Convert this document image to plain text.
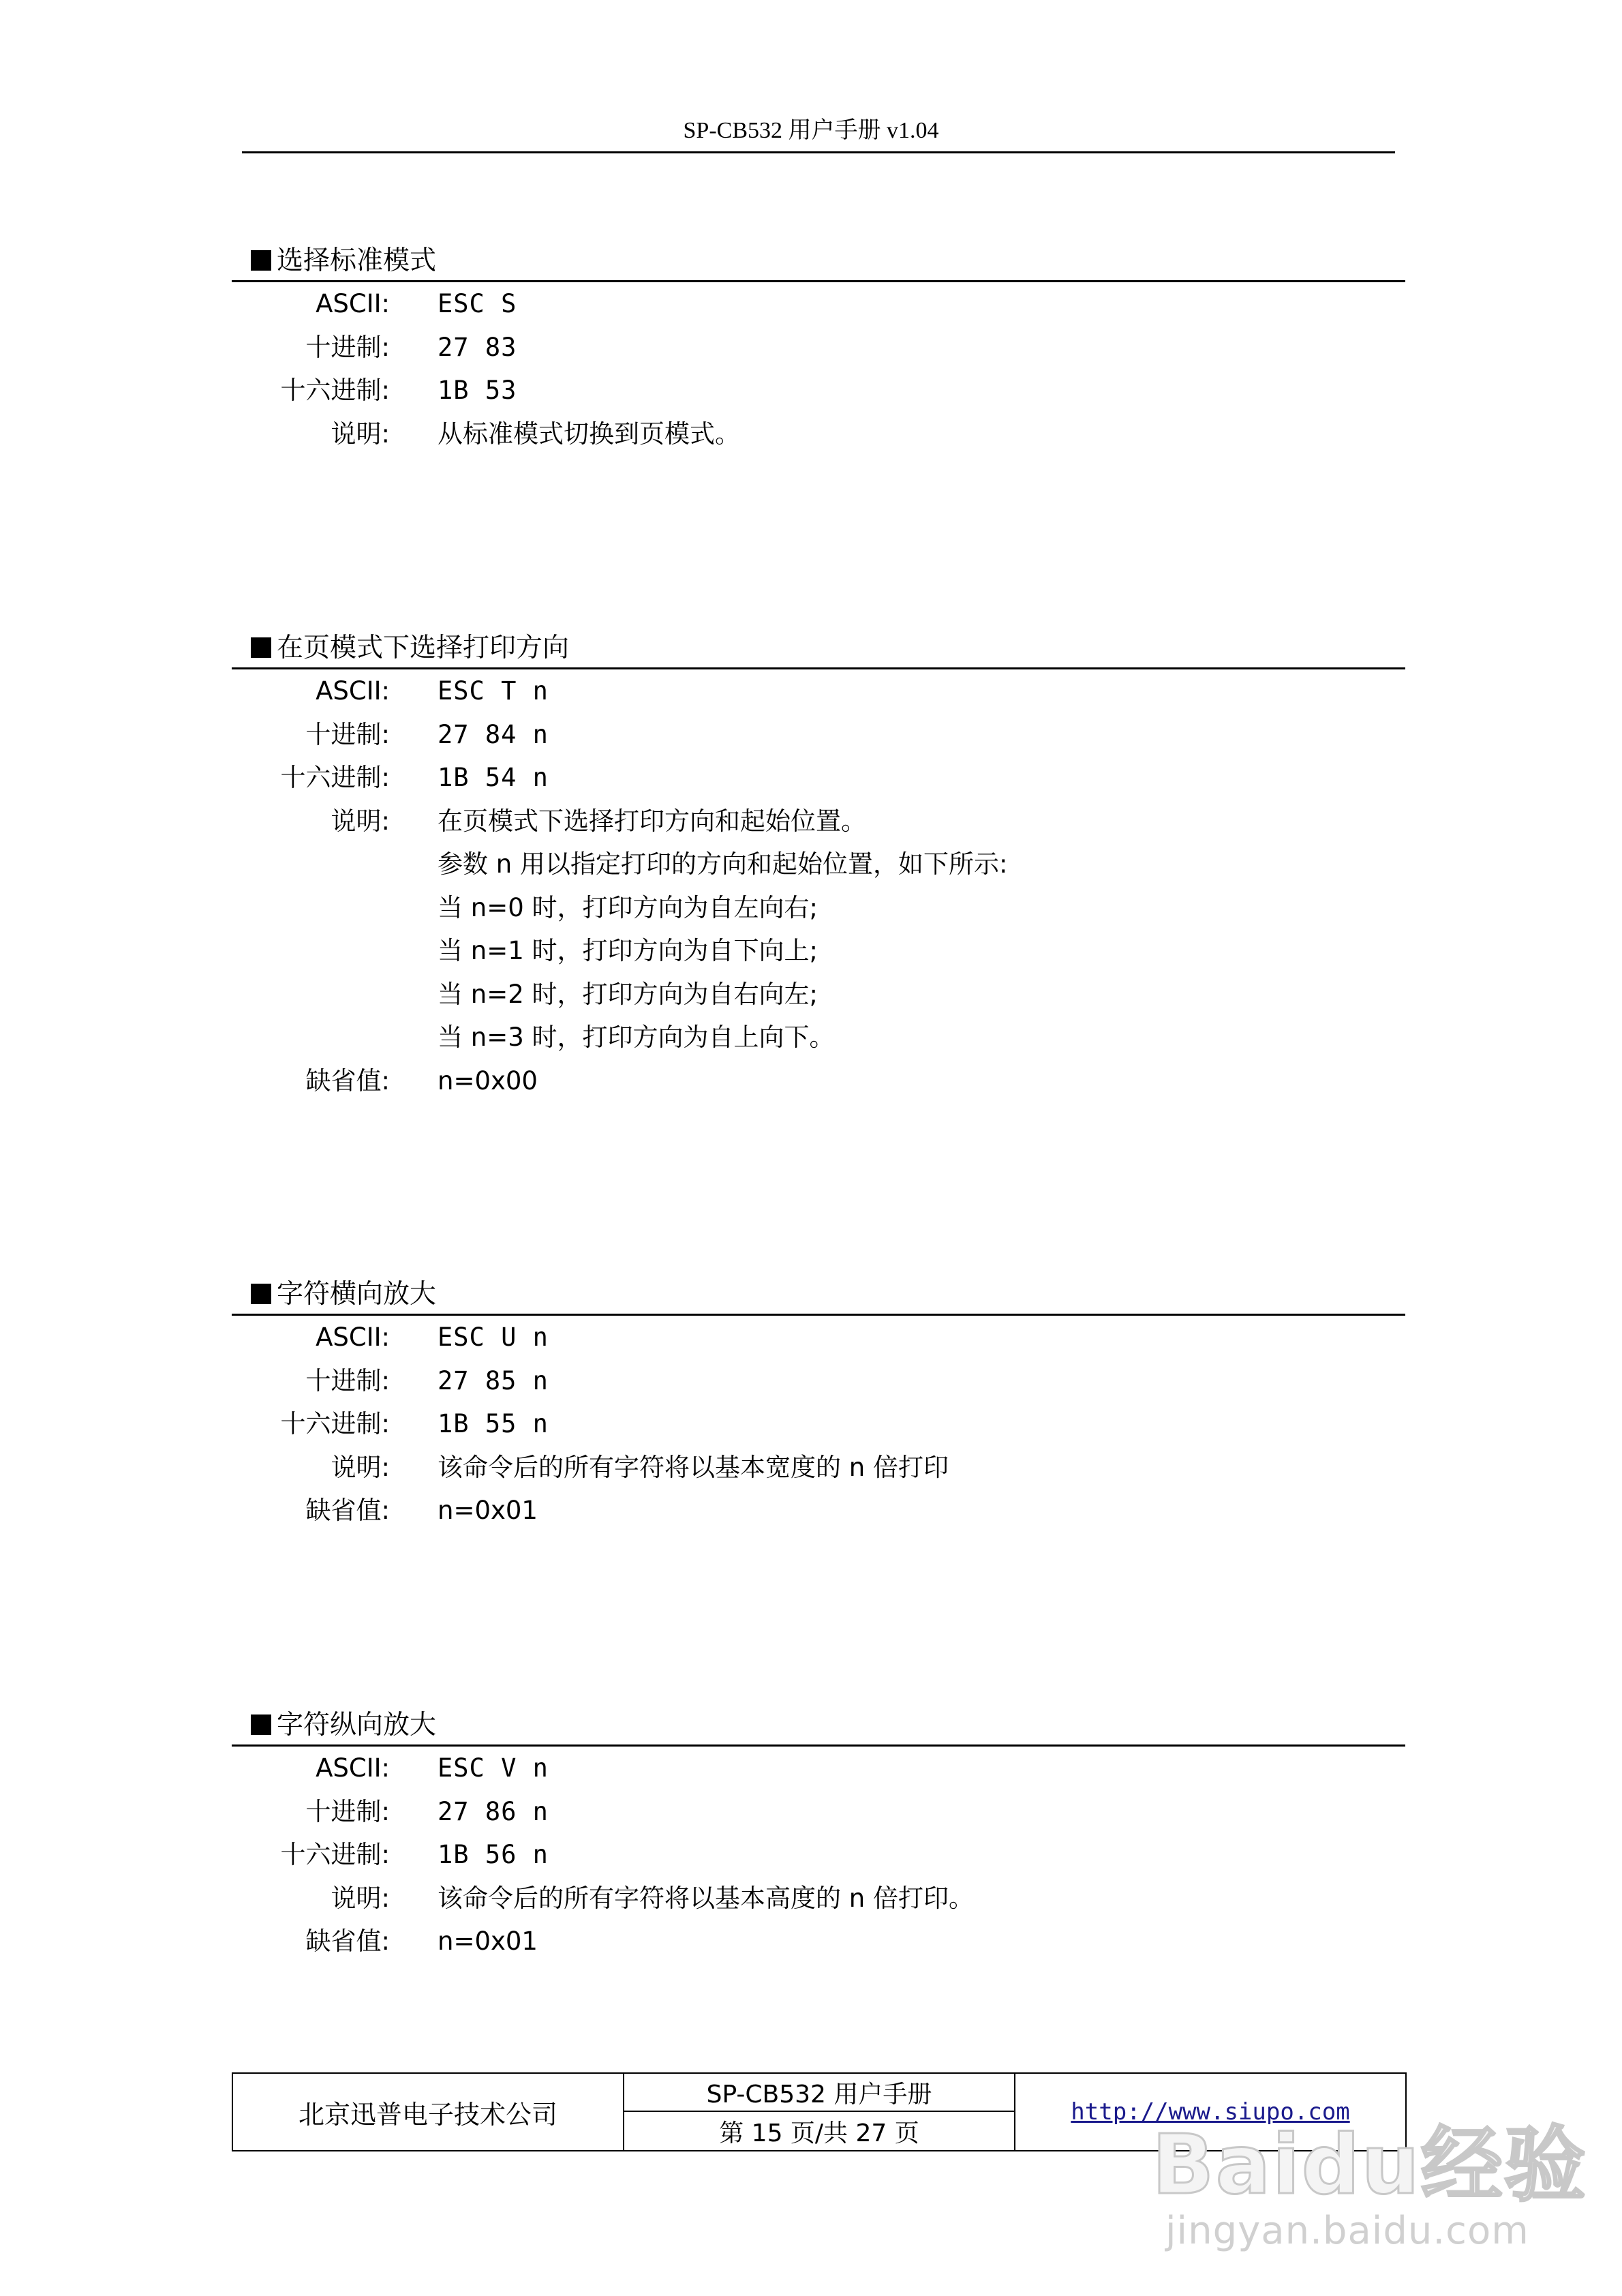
SP-CB532 用户手册 v1.04
选择标准模式
ASCII: ESC S
十进制: 27 83
十六进制: 1B 53
说明: 从标准模式切换到页模式。
在页模式下选择打印方向
ASCII: ESC T n
十进制: 27 84 n
十六进制: 1B 54 n
说明: 在页模式下选择打印方向和起始位置。
参数 n 用以指定打印的方向和起始位置，如下所示:
当 n=0 时，打印方向为自左向右;
当 n=1 时，打印方向为自下向上;
当 n=2 时，打印方向为自右向左;
当 n=3 时，打印方向为自上向下。
缺省值: n=0x00
字符横向放大
ASCII: ESC U n
十进制: 27 85 n
十六进制: 1B 55 n
说明: 该命令后的所有字符将以基本宽度的 n 倍打印
缺省值: n=0x01
字符纵向放大
ASCII: ESC V n
十进制: 27 86 n
十六进制: 1B 56 n
说明: 该命令后的所有字符将以基本高度的 n 倍打印。
缺省值: n=0x01
北京迅普电子技术公司
SP-CB532 用户手册
第 15 页/共 27 页
http://www.siupo.com
Baidu经验
jingyan.baidu.com
